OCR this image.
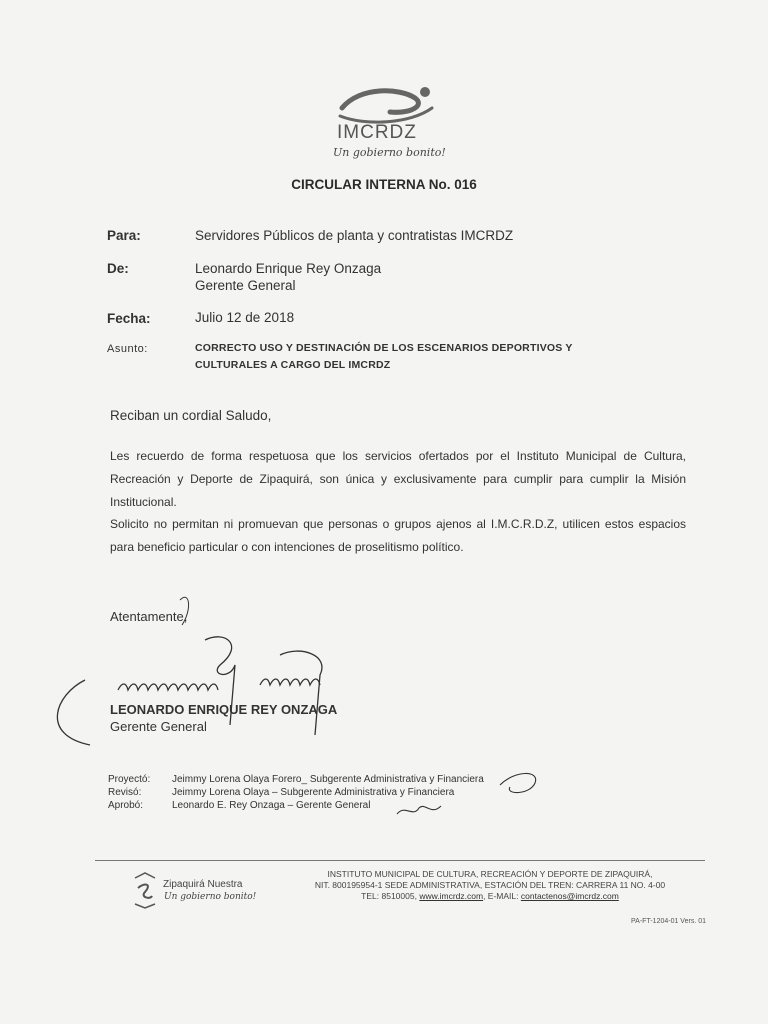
IMCRDZ
Un gobierno bonito!
CIRCULAR INTERNA No. 016
Para:	Servidores Públicos de planta y contratistas IMCRDZ
De:	Leonardo Enrique Rey Onzaga
Gerente General
Fecha:	Julio 12 de 2018
Asunto:	CORRECTO USO Y DESTINACIÓN DE LOS ESCENARIOS DEPORTIVOS Y
CULTURALES A CARGO DEL IMCRDZ
Reciban un cordial Saludo,

Les recuerdo de forma respetuosa que los servicios ofertados por el Instituto Municipal de Cultura, Recreación y Deporte de Zipaquirá, son única y exclusivamente para cumplir para cumplir la Misión Institucional.

Solicito no permitan ni promuevan que personas o grupos ajenos al I.M.C.R.D.Z, utilicen estos espacios para beneficio particular o con intenciones de proselitismo político.

Atentamente,
LEONARDO ENRIQUE REY ONZAGA
Gerente General
Proyectó: Jeimmy Lorena Olaya Forero_ Subgerente Administrativa y Financiera
Revisó:	Jeimmy Lorena Olaya – Subgerente Administrativa y Financiera
Aprobó:	Leonardo E. Rey Onzaga – Gerente General
Zipaquirá Nuestra
Un gobierno bonito!
INSTITUTO MUNICIPAL DE CULTURA, RECREACIÓN Y DEPORTE DE ZIPAQUIRÁ,
NIT. 800195954-1 SEDE ADMINISTRATIVA, ESTACIÓN DEL TREN: CARRERA 11 NO. 4-00
TEL: 8510005, www.imcrdz.com, E-MAIL: contactenos@imcrdz.com
PA-FT-1204-01 Vers. 01
